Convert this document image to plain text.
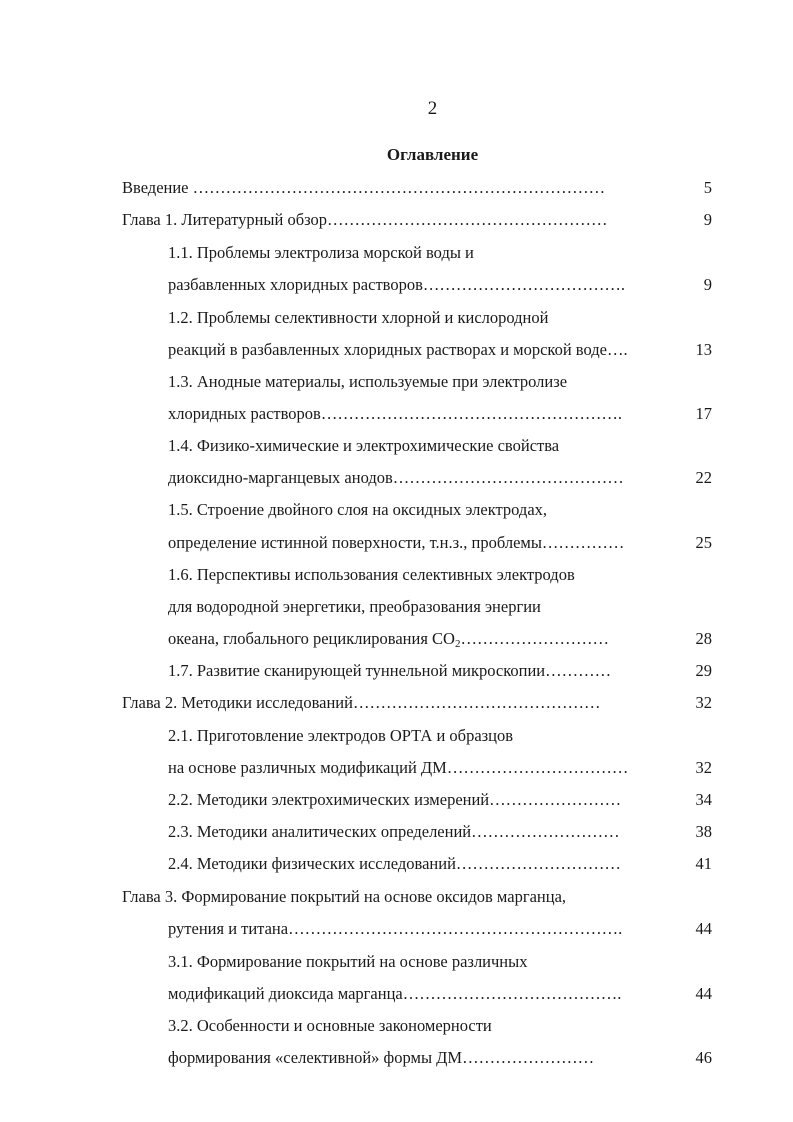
2
Оглавление
Введение …………………………………………………………………	5
Глава 1. Литературный обзор……………………………………………	9
1.1. Проблемы электролиза морской воды и
разбавленных хлоридных растворов……………………………….	9
1.2. Проблемы селективности хлорной и кислородной
реакций в разбавленных хлоридных растворах и морской воде….	13
1.3. Анодные материалы, используемые при электролизе
хлоридных растворов……………………………………………….	17
1.4. Физико-химические и электрохимические свойства
диоксидно-марганцевых анодов……………………………………	22
1.5. Строение двойного слоя на оксидных электродах,
определение истинной поверхности, т.н.з., проблемы……………	25
1.6. Перспективы использования селективных электродов
для водородной энергетики, преобразования энергии
океана, глобального рециклирования $CO_2\dots\dots\dots\dots\dots\dots\dots\dots\dots$	28
1.7. Развитие сканирующей туннельной микроскопии…………	29
Глава 2. Методики исследований………………………………………	32
2.1. Приготовление электродов ОРТА и образцов
на основе различных модификаций ДМ……………………………	32
2.2. Методики электрохимических измерений……………………	34
2.3. Методики аналитических определений………………………	38
2.4. Методики физических исследований…………………………	41
Глава 3. Формирование покрытий на основе оксидов марганца,
рутения и титана…………………………………………………….	44
3.1. Формирование покрытий на основе различных
модификаций диоксида марганца………………………………….	44
3.2. Особенности и основные закономерности
формирования «селективной» формы ДМ……………………	46
